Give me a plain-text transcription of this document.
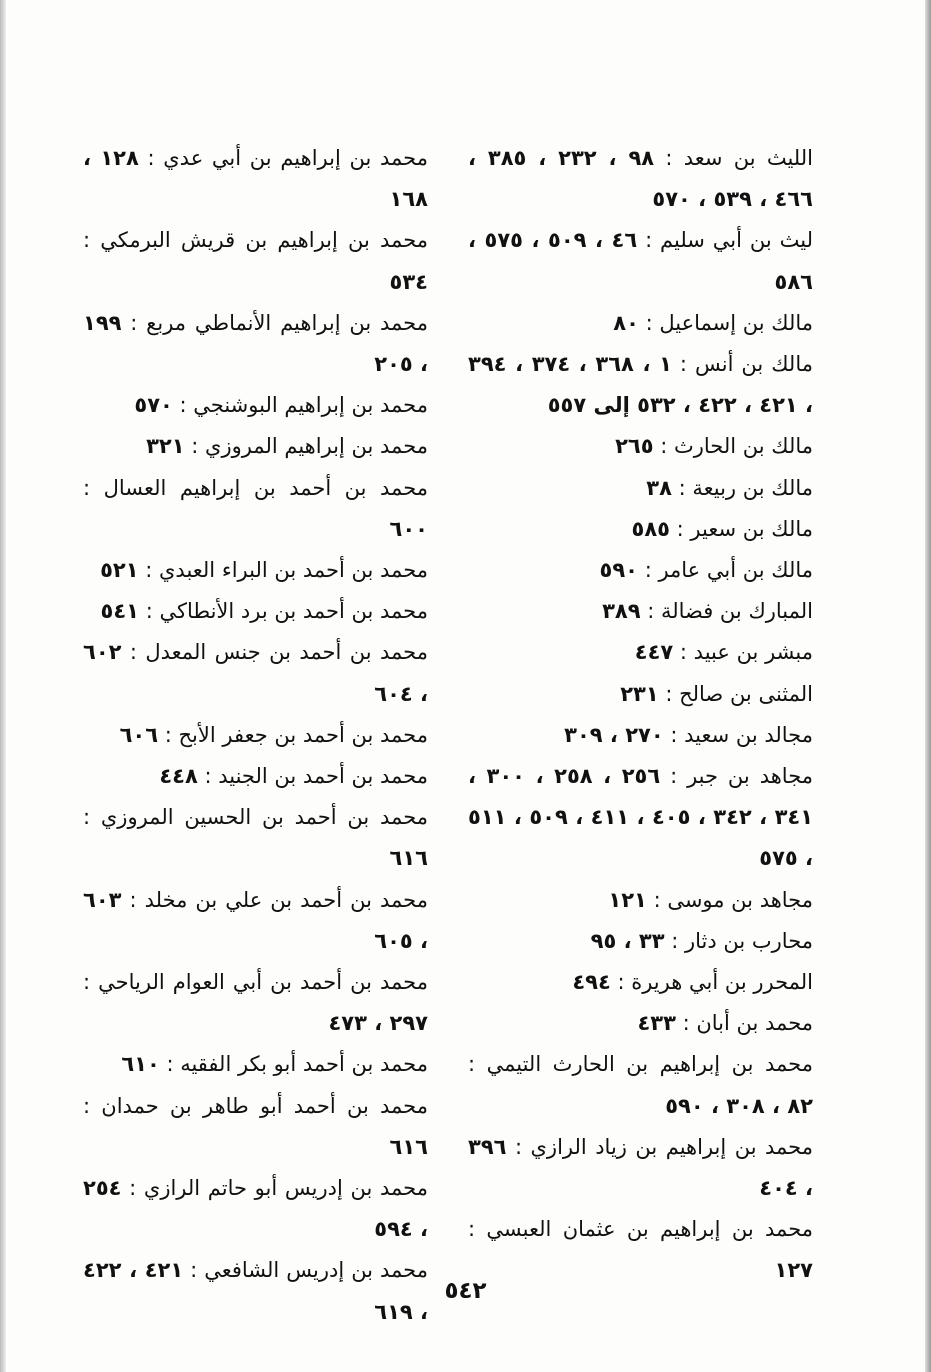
الليث بن سعد : ٩٨ ، ٢٣٢ ، ٣٨٥ ، ٤٦٦ ، ٥٣٩ ، ٥٧٠

ليث بن أبي سليم : ٤٦ ، ٥٠٩ ، ٥٧٥ ، ٥٨٦

مالك بن إسماعيل : ٨٠

مالك بن أنس : ١ ، ٣٦٨ ، ٣٧٤ ، ٣٩٤ ، ٤٢١ ، ٤٢٢ ، ٥٣٢ إلى ٥٥٧

مالك بن الحارث : ٢٦٥

مالك بن ربيعة : ٣٨

مالك بن سعير : ٥٨٥

مالك بن أبي عامر : ٥٩٠

المبارك بن فضالة : ٣٨٩

مبشر بن عبيد : ٤٤٧

المثنى بن صالح : ٢٣١

مجالد بن سعيد : ٢٧٠ ، ٣٠٩

مجاهد بن جبر : ٢٥٦ ، ٢٥٨ ، ٣٠٠ ، ٣٤١ ، ٣٤٢ ، ٤٠٥ ، ٤١١ ، ٥٠٩ ، ٥١١ ، ٥٧٥

مجاهد بن موسى : ١٢١

محارب بن دثار : ٣٣ ، ٩٥

المحرر بن أبي هريرة : ٤٩٤

محمد بن أبان : ٤٣٣

محمد بن إبراهيم بن الحارث التيمي : ٨٢ ، ٣٠٨ ، ٥٩٠

محمد بن إبراهيم بن زياد الرازي : ٣٩٦ ، ٤٠٤

محمد بن إبراهيم بن عثمان العبسي : ١٢٧

محمد بن إبراهيم بن أبي عدي : ١٢٨ ، ١٦٨

محمد بن إبراهيم بن قريش البرمكي : ٥٣٤

محمد بن إبراهيم الأنماطي مربع : ١٩٩ ، ٢٠٥

محمد بن إبراهيم البوشنجي : ٥٧٠

محمد بن إبراهيم المروزي : ٣٢١

محمد بن أحمد بن إبراهيم العسال : ٦٠٠

محمد بن أحمد بن البراء العبدي : ٥٢١

محمد بن أحمد بن برد الأنطاكي : ٥٤١

محمد بن أحمد بن جنس المعدل : ٦٠٢ ، ٦٠٤

محمد بن أحمد بن جعفر الأبح : ٦٠٦

محمد بن أحمد بن الجنيد : ٤٤٨

محمد بن أحمد بن الحسين المروزي : ٦١٦

محمد بن أحمد بن علي بن مخلد : ٦٠٣ ، ٦٠٥

محمد بن أحمد بن أبي العوام الرياحي : ٢٩٧ ، ٤٧٣

محمد بن أحمد أبو بكر الفقيه : ٦١٠

محمد بن أحمد أبو طاهر بن حمدان : ٦١٦

محمد بن إدريس أبو حاتم الرازي : ٢٥٤ ، ٥٩٤

محمد بن إدريس الشافعي : ٤٢١ ، ٤٢٢ ، ٦١٩

٥٤٢
